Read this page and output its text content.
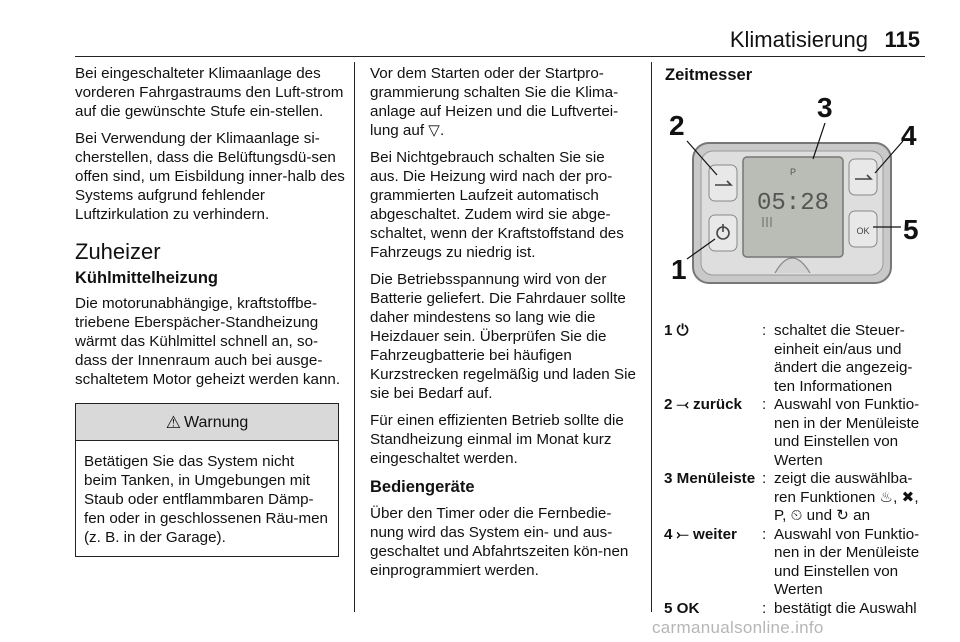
Klimatisierung 115

Bei eingeschalteter Klimaanlage des vorderen Fahrgastraums den Luft-strom auf die gewünschte Stufe ein-stellen.

Bei Verwendung der Klimaanlage si-cherstellen, dass die Belüftungsdü-sen offen sind, um Eisbildung inner-halb des Systems aufgrund fehlender Luftzirkulation zu verhindern.

Zuheizer
Kühlmittelheizung

Die motorunabhängige, kraftstoffbe-triebene Eberspächer-Standheizung wärmt das Kühlmittel schnell an, so-dass der Innenraum auch bei ausge-schaltetem Motor geheizt werden kann.

⚠ Warnung
Betätigen Sie das System nicht beim Tanken, in Umgebungen mit Staub oder entflammbaren Dämp-fen oder in geschlossenen Räu-men (z. B. in der Garage).

Vor dem Starten oder der Startpro-grammierung schalten Sie die Klima-anlage auf Heizen und die Luftvertei-lung auf ▽.

Bei Nichtgebrauch schalten Sie sie aus. Die Heizung wird nach der pro-grammierten Laufzeit automatisch abgeschaltet. Zudem wird sie abge-schaltet, wenn der Kraftstoffstand des Fahrzeugs zu niedrig ist.

Die Betriebsspannung wird von der Batterie geliefert. Die Fahrdauer sollte daher mindestens so lang wie die Heizdauer sein. Überprüfen Sie die Fahrzeugbatterie bei häufigen Kurzstrecken regelmäßig und laden Sie sie bei Bedarf auf.

Für einen effizienten Betrieb sollte die Standheizung einmal im Monat kurz eingeschaltet werden.

Bediengeräte

Über den Timer oder die Fernbedie-nung wird das System ein- und aus-geschaltet und Abfahrtszeiten kön-nen einprogrammiert werden.

Zeitmesser
05:28
P
OK
1
2
3
4
5
1 ⏻	: schaltet die Steuer-einheit ein/aus und ändert die angezeig-ten Informationen
2 ⤙ zurück	: Auswahl von Funktio-nen in der Menüleiste und Einstellen von Werten
3 Menüleiste : zeigt die auswählba-ren Funktionen ♨, ✖, P, ⏲ und ↻ an
4 ⤚ weiter	: Auswahl von Funktio-nen in der Menüleiste und Einstellen von Werten
5 OK	: bestätigt die Auswahl
carmanualsonline.info
